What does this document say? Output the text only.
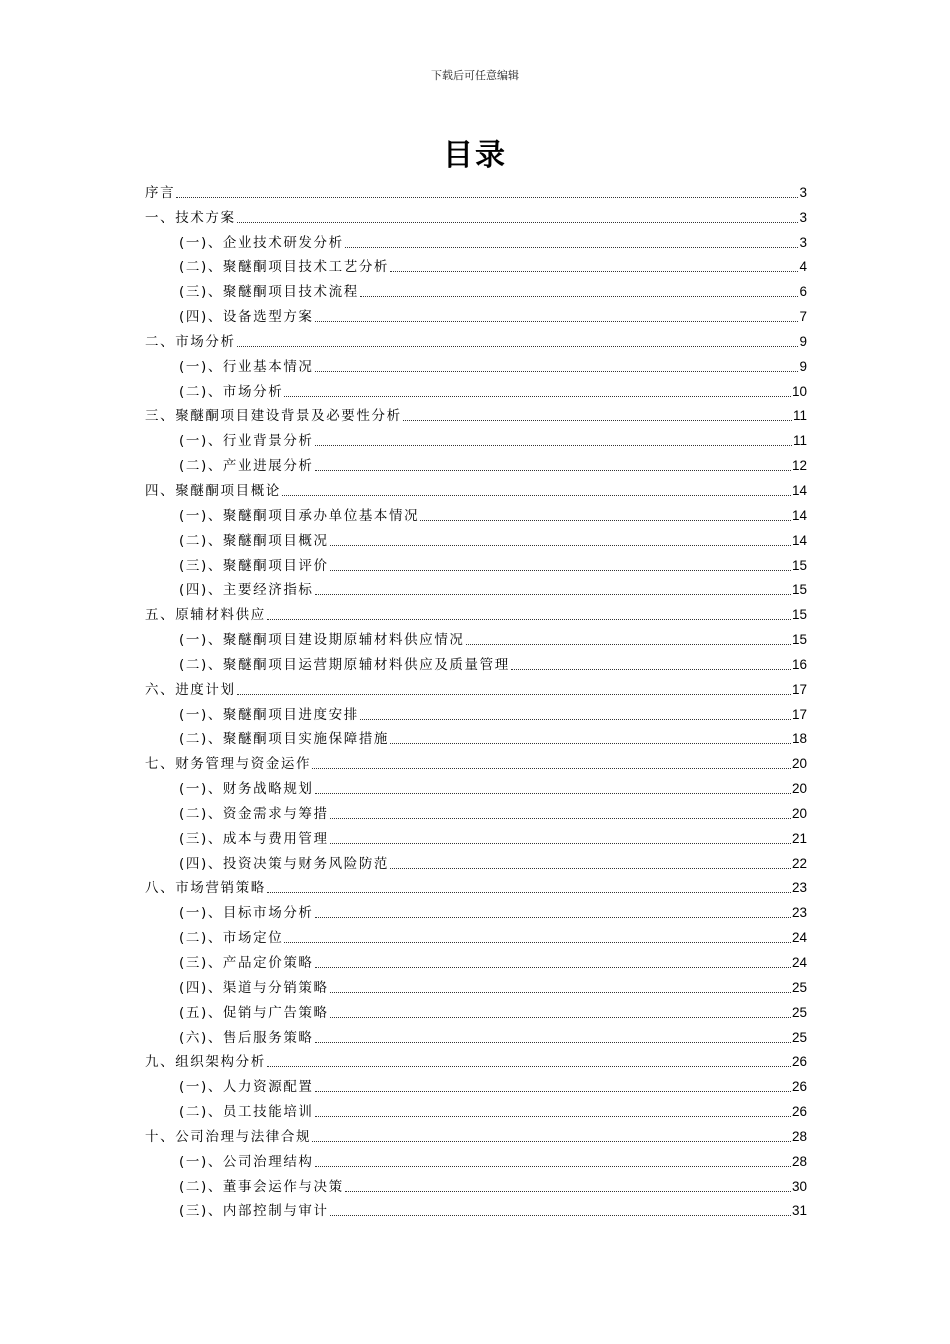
下载后可任意编辑
目录
序言	3
一、技术方案	3
(一)、企业技术研发分析	3
(二)、聚醚酮项目技术工艺分析	4
(三)、聚醚酮项目技术流程	6
(四)、设备选型方案	7
二、市场分析	9
(一)、行业基本情况	9
(二)、市场分析	10
三、聚醚酮项目建设背景及必要性分析	11
(一)、行业背景分析	11
(二)、产业进展分析	12
四、聚醚酮项目概论	14
(一)、聚醚酮项目承办单位基本情况	14
(二)、聚醚酮项目概况	14
(三)、聚醚酮项目评价	15
(四)、主要经济指标	15
五、原辅材料供应	15
(一)、聚醚酮项目建设期原辅材料供应情况	15
(二)、聚醚酮项目运营期原辅材料供应及质量管理	16
六、进度计划	17
(一)、聚醚酮项目进度安排	17
(二)、聚醚酮项目实施保障措施	18
七、财务管理与资金运作	20
(一)、财务战略规划	20
(二)、资金需求与筹措	20
(三)、成本与费用管理	21
(四)、投资决策与财务风险防范	22
八、市场营销策略	23
(一)、目标市场分析	23
(二)、市场定位	24
(三)、产品定价策略	24
(四)、渠道与分销策略	25
(五)、促销与广告策略	25
(六)、售后服务策略	25
九、组织架构分析	26
(一)、人力资源配置	26
(二)、员工技能培训	26
十、公司治理与法律合规	28
(一)、公司治理结构	28
(二)、董事会运作与决策	30
(三)、内部控制与审计	31
